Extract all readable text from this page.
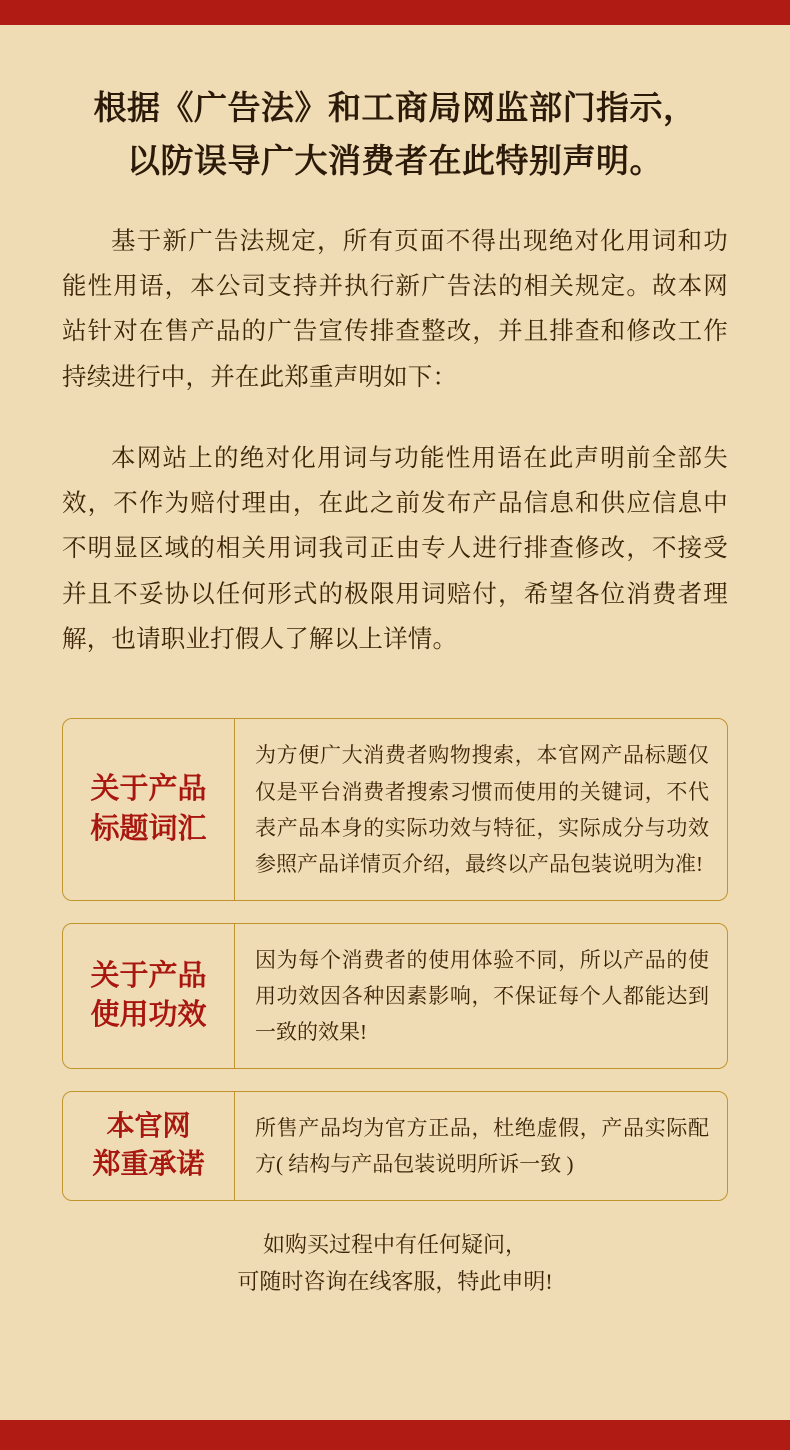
根据《广告法》和工商局网监部门指示，
以防误导广大消费者在此特别声明。
基于新广告法规定，所有页面不得出现绝对化用词和功能性用语，本公司支持并执行新广告法的相关规定。故本网站针对在售产品的广告宣传排查整改，并且排查和修改工作持续进行中，并在此郑重声明如下：
本网站上的绝对化用词与功能性用语在此声明前全部失效，不作为赔付理由，在此之前发布产品信息和供应信息中不明显区域的相关用词我司正由专人进行排查修改，不接受并且不妥协以任何形式的极限用词赔付，希望各位消费者理解，也请职业打假人了解以上详情。
关于产品
标题词汇
为方便广大消费者购物搜索，本官网产品标题仅仅是平台消费者搜索习惯而使用的关键词，不代表产品本身的实际功效与特征，实际成分与功效参照产品详情页介绍，最终以产品包装说明为准!
关于产品
使用功效
因为每个消费者的使用体验不同，所以产品的使用功效因各种因素影响，不保证每个人都能达到一致的效果!
本官网
郑重承诺
所售产品均为官方正品，杜绝虚假，产品实际配方( 结构与产品包装说明所诉一致 )
如购买过程中有任何疑问，
可随时咨询在线客服，特此申明!
